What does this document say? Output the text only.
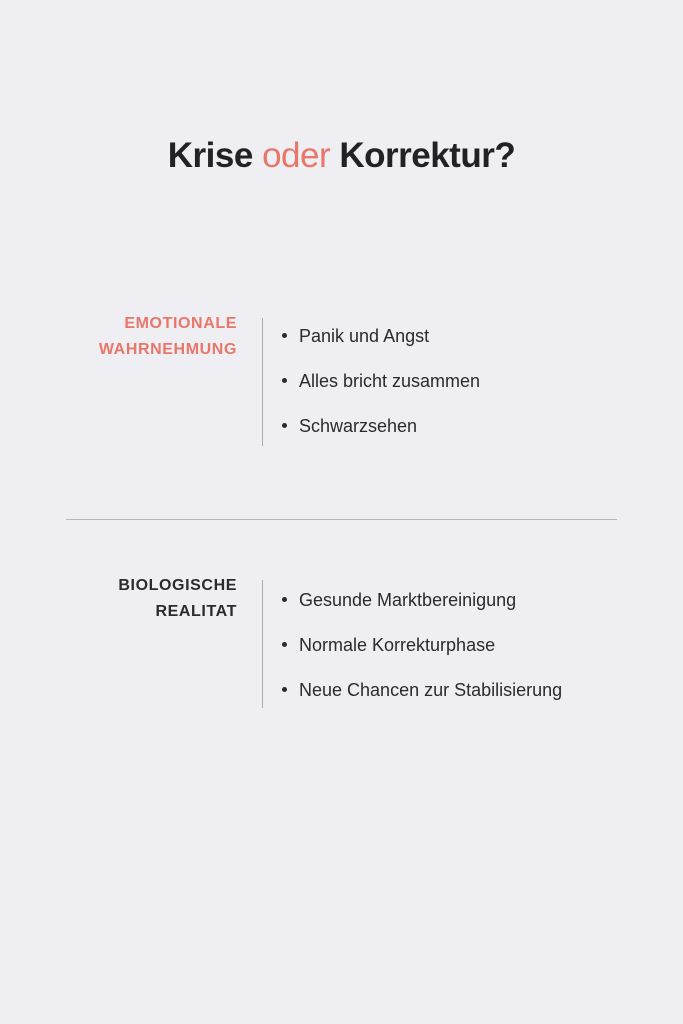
Krise oder Korrektur?
EMOTIONALE
WAHRNEHMUNG
Panik und Angst
Alles bricht zusammen
Schwarzsehen
BIOLOGISCHE
REALITAT
Gesunde Marktbereinigung
Normale Korrekturphase
Neue Chancen zur Stabilisierung
